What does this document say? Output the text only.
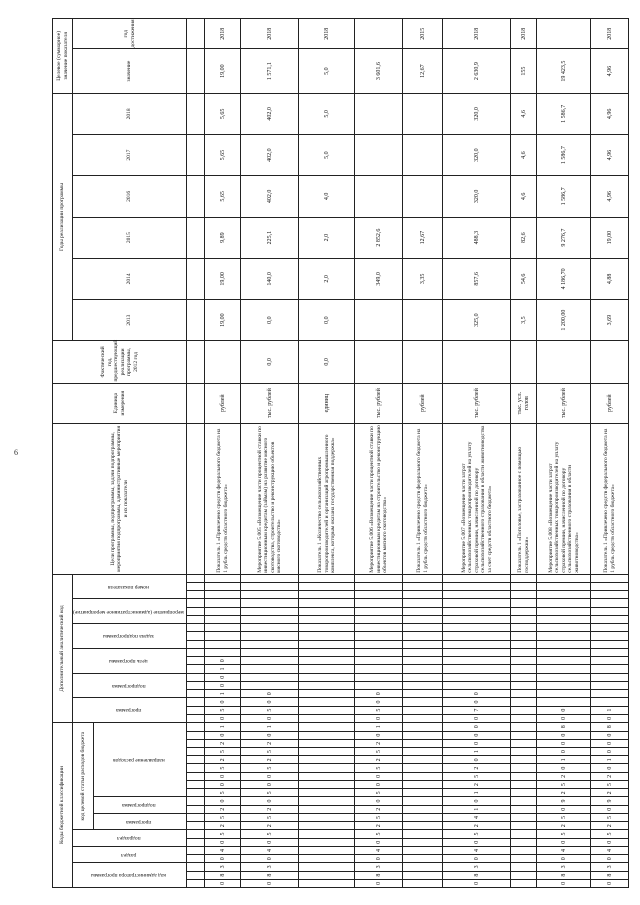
6
Коды бюджетной классификации																				Дополнительный аналитический код																		Цели программы, подпрограммы, задачи подпрограммы, мероприятия подпрограммы, административные мероприятия и их показатели	Единица измерения	Фактический год, предшествующий реализации программы, 2012 год	Годы реализации программы						Целевое (суммарное) значение показателя	
код администратора программы			раздел		подраздел		код целевой статьи расходов бюджета													программа			подпрограмма			цель программы			задача подпрограммы			мероприятие (административное мероприятие)			номер показателя						2013	2014	2015	2016	2017	2018	значение	год достижения
							программа		подпрограмма		направление расходов																																					

0	8	3	0	4	0	5	2	5	2	0	5	0	0	5	2	5	2	0	1	0	5	0	1	0	0	1	0											Показатель 1 «Привлечено средств федерального бюджета на 1 рубль средств областного бюджета»	рублей		19,00	19,00	9,89	5,65	5,65	5,65	19,00	2018
0	8	3	0	4	0	5	2	5	2	0	5	0	0	5	2	5	2	0	1	0	5	0	0															Мероприятие 5.005 «Возмещение части процентной ставки по инвестиционным кредитам (займам) на развитие мясного скотоводства, строительство и реконструкцию объектов мясного скотоводства»	тыс. рублей	0,0	0,0	140,0	225,1	402,0	402,0	402,0	1 571,1	2018
																																						Показатель 1 «Количество сельскохозяйственных товаропроизводителей и организаций агропромышленного комплекса, которым оказана государственная поддержка»	единиц	0,0	0,0	2,0	2,0	4,0	5,0	5,0	5,0	2018
0	8	3	0	4	0	5	2	5	2	0	5	0	0	5	2	5	2	0	1	0	5	0	0															Мероприятие 5.006 «Возмещение части процентной ставки по инвестиционным кредитам на строительство и реконструкцию объектов мясного скотоводства»	тыс. рублей			349,0	2 852,6				3 601,6	
																																						Показатель 1 «Привлечено средств федерального бюджета на 1 рубль средств областного бюджета»	рублей			3,35	12,67				12,67	2015
0	8	3	0	4	0	5	2	4	1	0	1	2	5	2	0	1	0	0	0	0	7	0	0															Мероприятие 5.007 «Возмещение части затрат сельскохозяйственных товаропроизводителей на уплату страховой премии, начисленной по договору сельскохозяйственного страхования в области животноводства за счет средств областного бюджета»	тыс. рублей		325,0	857,6	488,3	320,0	320,0	320,0	2 630,9	2018
																																						Показатель 1 «Поголовье, застрахованное с помощью господдержки»	тыс. усл. голов		3,5	54,6	82,6	4,6	4,6	4,6	155	2018
0	8	3	0	4	0	5	2	5	0	9	2	5	2	0	1	0	0	0	8	0	0																	Мероприятие 5.008 «Возмещение части затрат сельскохозяйственных товаропроизводителей на уплату страховой премии, начисленной по договору сельскохозяйственного страхования в области животноводства»	тыс. рублей		1 200,00	4 186,70	9 276,7	1 586,7	1 586,7	1 586,7	19 423,5	
0	8	3	0	4	0	5	2	5	0	9	2	5	2	0	1	0	0	0	8	0	1																	Показатель 1 «Привлечено средств федерального бюджета на 1 рубль средств областного бюджета»	рублей		3,69	4,88	19,00	4,96	4,96	4,96	4,96	2018
